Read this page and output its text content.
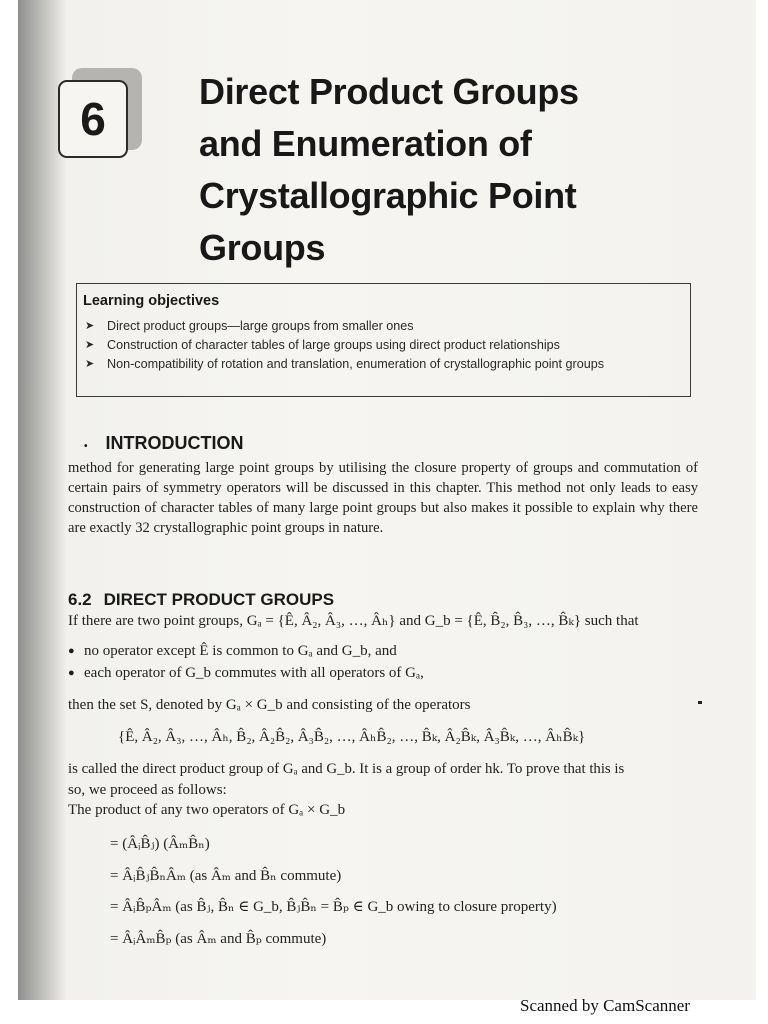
6
Direct Product Groups
and Enumeration of
Crystallographic Point
Groups
Learning objectives
➤ Direct product groups—large groups from smaller ones
➤ Construction of character tables of large groups using direct product relationships
➤ Non-compatibility of rotation and translation, enumeration of crystallographic point groups
• INTRODUCTION
method for generating large point groups by utilising the closure property of groups and commutation of certain pairs of symmetry operators will be discussed in this chapter. This method not only leads to easy construction of character tables of many large point groups but also makes it possible to explain why there are exactly 32 crystallographic point groups in nature.
6.2 DIRECT PRODUCT GROUPS
If there are two point groups, Gₐ = {Ê, Â₂, Â₃, …, Âₕ} and G_b = {Ê, B̂₂, B̂₃, …, B̂ₖ} such that
● no operator except Ê is common to Gₐ and G_b, and
● each operator of G_b commutes with all operators of Gₐ,
then the set S, denoted by Gₐ × G_b and consisting of the operators
{Ê, Â₂, Â₃, …, Âₕ, B̂₂, Â₂B̂₂, Â₃B̂₂, …, ÂₕB̂₂, …, B̂ₖ, Â₂B̂ₖ, Â₃B̂ₖ, …, ÂₕB̂ₖ}
is called the direct product group of Gₐ and G_b. It is a group of order hk. To prove that this is
so, we proceed as follows:
The product of any two operators of Gₐ × G_b
= (ÂᵢB̂ⱼ) (ÂₘB̂ₙ)
= ÂᵢB̂ⱼB̂ₙÂₘ (as Âₘ and B̂ₙ commute)
= ÂᵢB̂ₚÂₘ (as B̂ⱼ, B̂ₙ ∈ G_b, B̂ⱼB̂ₙ = B̂ₚ ∈ G_b owing to closure property)
= ÂᵢÂₘB̂ₚ (as Âₘ and B̂ₚ commute)
Scanned by CamScanner
